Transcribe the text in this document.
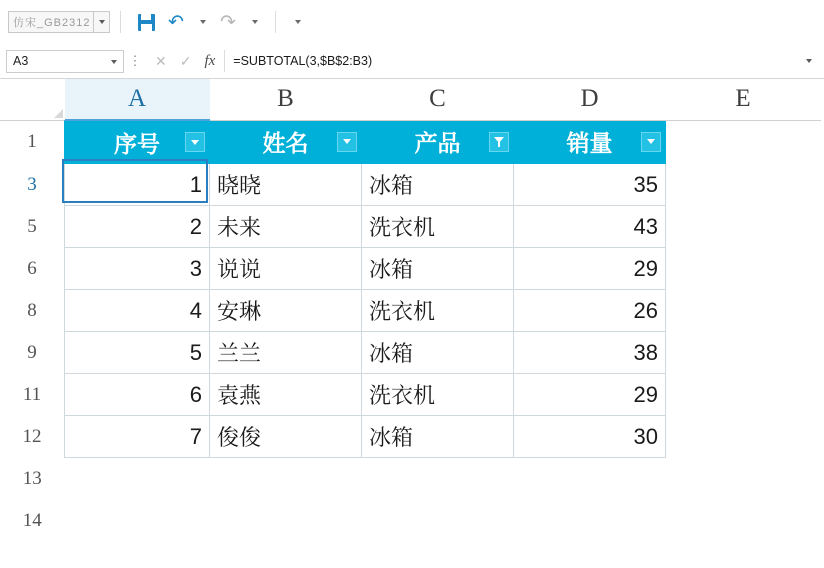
仿宋_GB2312	↶ ↷
A3	⋮ ✕ ✓ fx	=SUBTOTAL(3,$B$2:B3)
	A	B	C	D	E
1	序号	姓名	产品	销量	

3	1	晓晓	冰箱	35	
5	2	未来	洗衣机	43	
6	3	说说	冰箱	29	
8	4	安琳	洗衣机	26	
9	5	兰兰	冰箱	38	
11	6	袁燕	洗衣机	29	
12	7	俊俊	冰箱	30	
13					
14					
